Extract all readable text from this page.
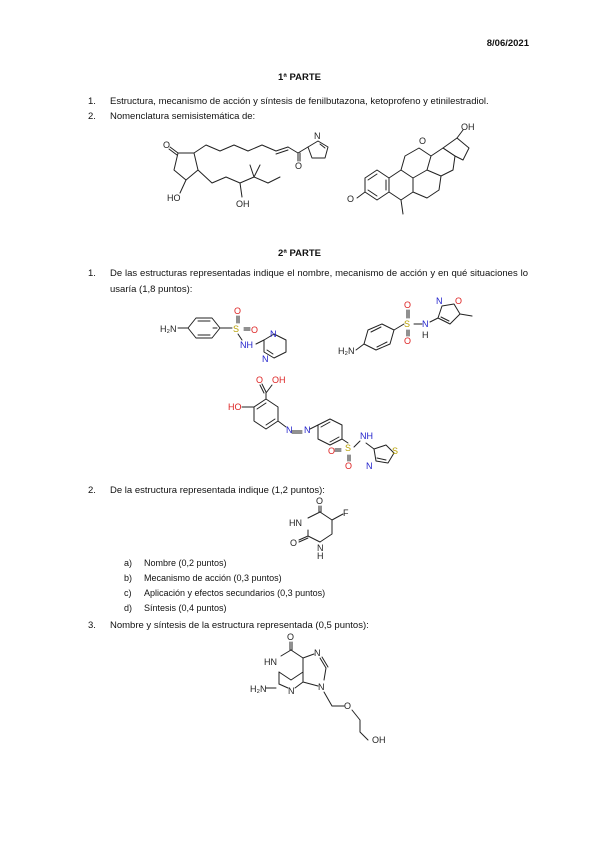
8/06/2021
1ª PARTE
1. Estructura, mecanismo de acción y síntesis de fenilbutazona, ketoprofeno y etinilestradiol.
2. Nomenclatura semisistemática de:
O
HO
O
N
OH	O
O
OH
2ª PARTE
1. De las estructuras representadas indique el nombre, mecanismo de acción y en qué situaciones lo usaría (1,8 puntos):
H₂N	S
O
O
NH
N
N
H₂N
S
O
O
N
H
N O
O OH
HO
N N
S
O
O
NH
S
N
2. De la estructura representada indique (1,2 puntos):
O
HN
F
O N
H
a) Nombre (0,2 puntos)
b) Mecanismo de acción (0,3 puntos)
c) Aplicación y efectos secundarios (0,3 puntos)
d) Síntesis (0,4 puntos)
3. Nombre y síntesis de la estructura representada (0,5 puntos):
O
HN
H₂N N
N
N
O
OH
